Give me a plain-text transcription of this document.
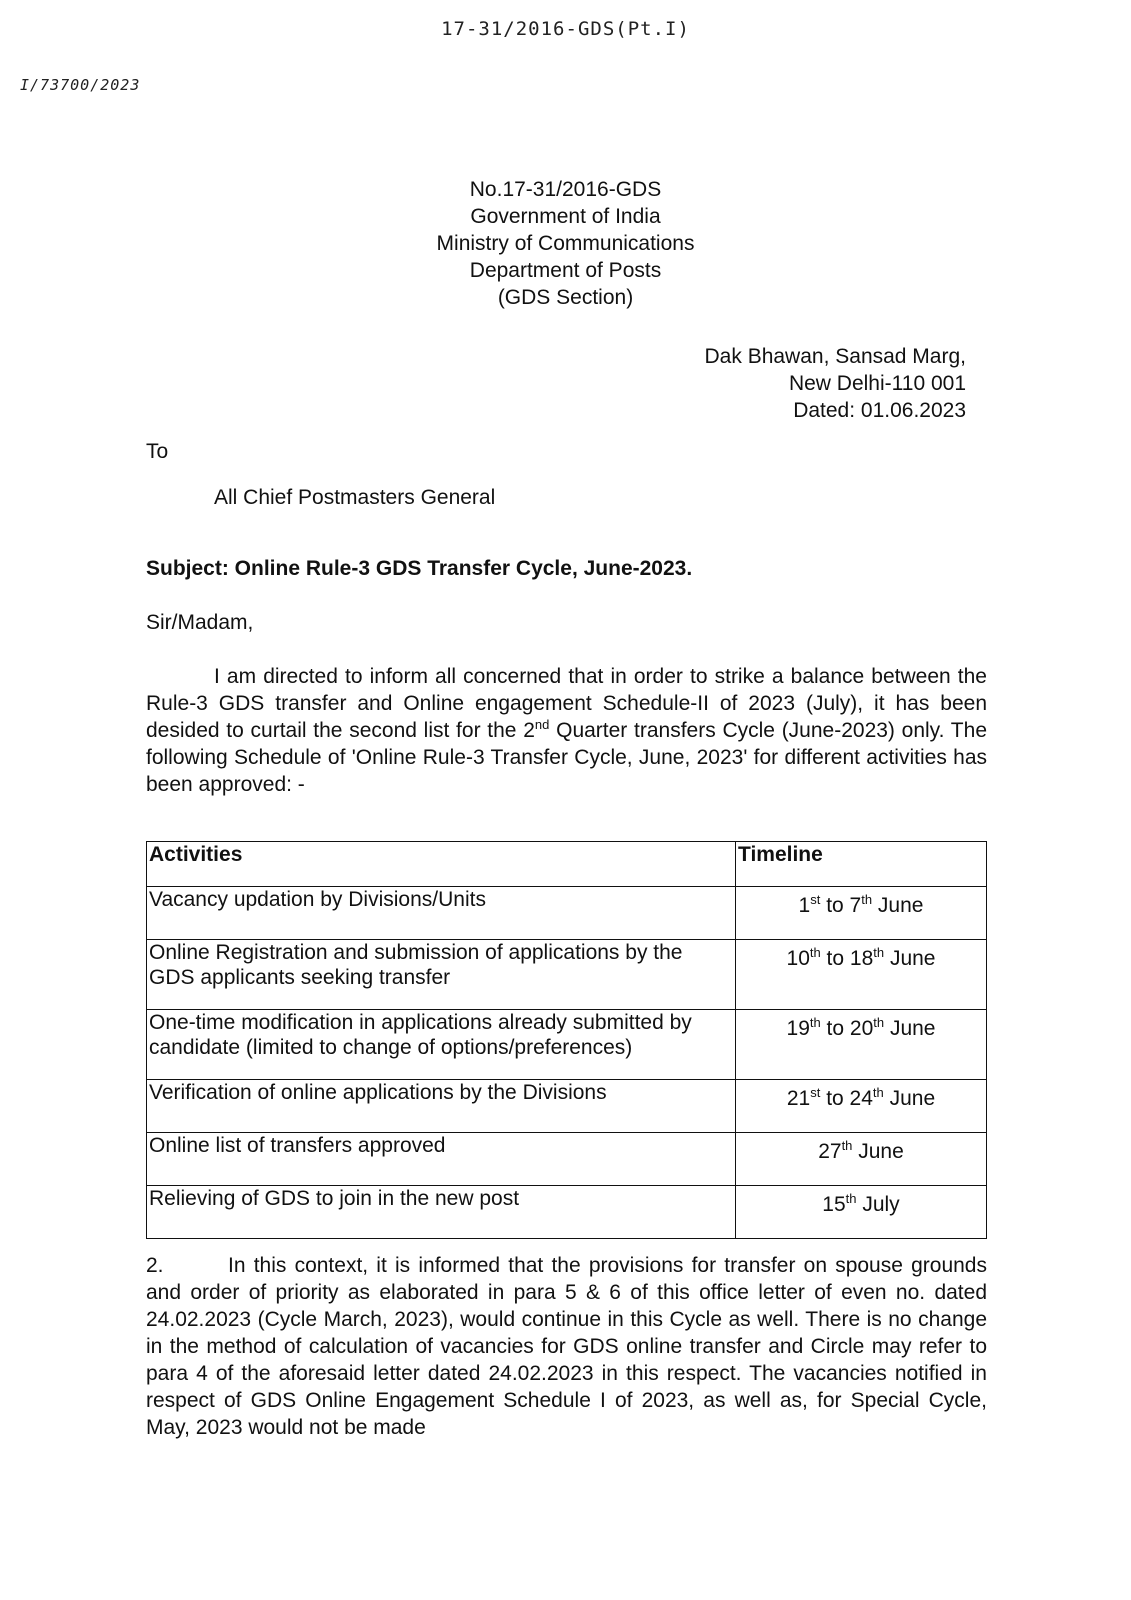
17-31/2016-GDS(Pt.I)
I/73700/2023
No.17-31/2016-GDS
Government of India
Ministry of Communications
Department of Posts
(GDS Section)
Dak Bhawan, Sansad Marg,
New Delhi-110 001
Dated: 01.06.2023
To
All Chief Postmasters General
Subject: Online Rule-3 GDS Transfer Cycle, June-2023.
Sir/Madam,
I am directed to inform all concerned that in order to strike a balance between the Rule-3 GDS transfer and Online engagement Schedule-II of 2023 (July), it has been desided to curtail the second list for the 2nd Quarter transfers Cycle (June-2023) only. The following Schedule of 'Online Rule-3 Transfer Cycle, June, 2023' for different activities has been approved: -
Activities	Timeline
Vacancy updation by Divisions/Units	1st to 7th June
Online Registration and submission of applications by the GDS applicants seeking transfer	10th to 18th June
One-time modification in applications already submitted by candidate (limited to change of options/preferences)	19th to 20th June
Verification of online applications by the Divisions	21st to 24th June
Online list of transfers approved	27th June
Relieving of GDS to join in the new post	15th July
2.	In this context, it is informed that the provisions for transfer on spouse grounds and order of priority as elaborated in para 5 & 6 of this office letter of even no. dated 24.02.2023 (Cycle March, 2023), would continue in this Cycle as well. There is no change in the method of calculation of vacancies for GDS online transfer and Circle may refer to para 4 of the aforesaid letter dated 24.02.2023 in this respect. The vacancies notified in respect of GDS Online Engagement Schedule I of 2023, as well as, for Special Cycle, May, 2023 would not be made
